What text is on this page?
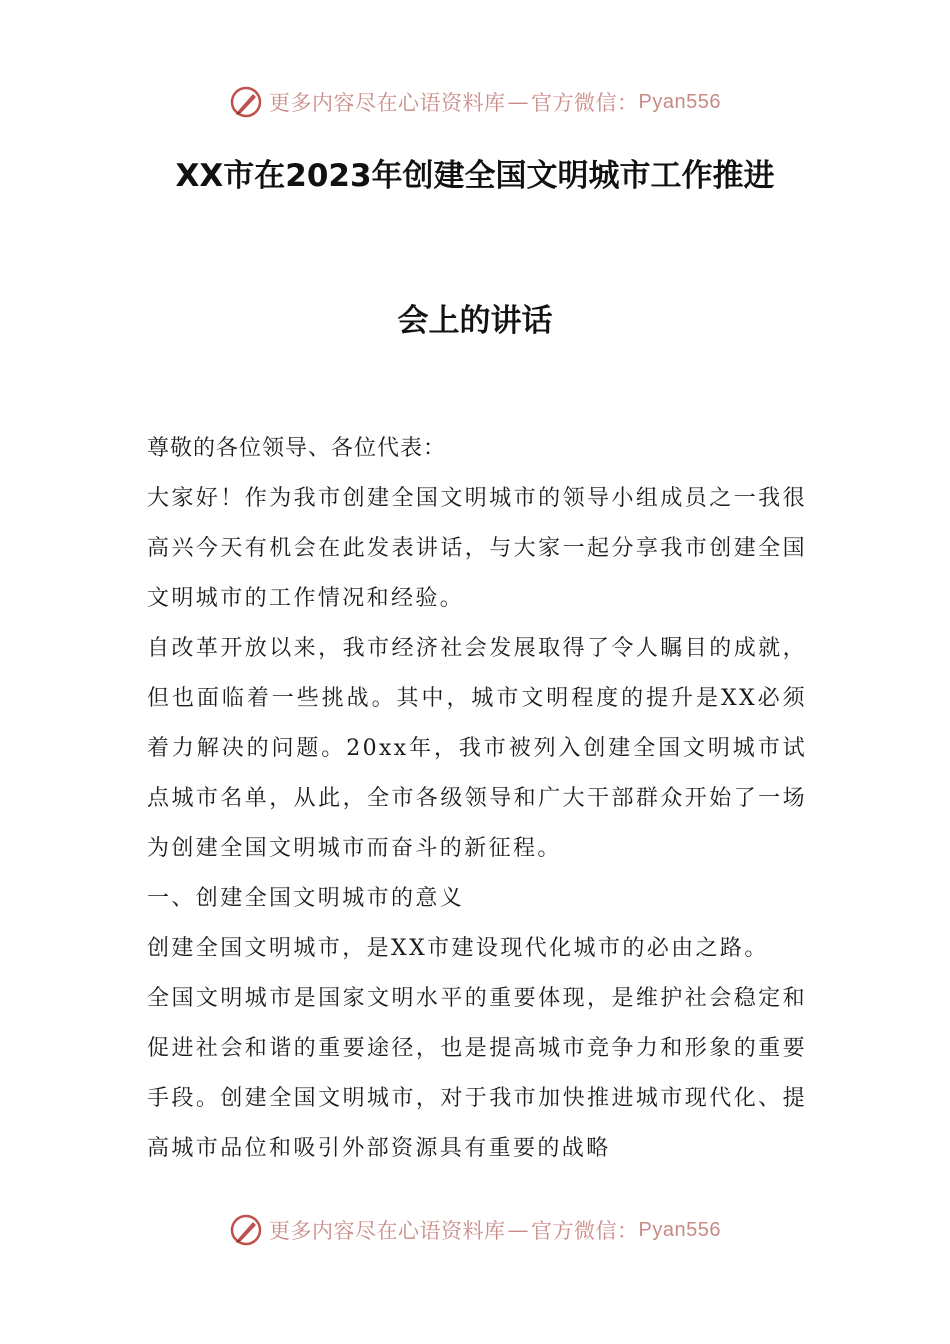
更多内容尽在心语资料库 — 官方微信： Pyan556
XX市在2023年创建全国文明城市工作推进
会上的讲话

尊敬的各位领导、各位代表：

大家好！作为我市创建全国文明城市的领导小组成员之一我很高兴今天有机会在此发表讲话，与大家一起分享我市创建全国文明城市的工作情况和经验。

自改革开放以来，我市经济社会发展取得了令人瞩目的成就，但也面临着一些挑战。其中，城市文明程度的提升是XX必须着力解决的问题。20xx年，我市被列入创建全国文明城市试点城市名单，从此，全市各级领导和广大干部群众开始了一场为创建全国文明城市而奋斗的新征程。

一、创建全国文明城市的意义

创建全国文明城市，是XX市建设现代化城市的必由之路。

全国文明城市是国家文明水平的重要体现，是维护社会稳定和促进社会和谐的重要途径，也是提高城市竞争力和形象的重要手段。创建全国文明城市，对于我市加快推进城市现代化、提高城市品位和吸引外部资源具有重要的战略

更多内容尽在心语资料库 — 官方微信： Pyan556
